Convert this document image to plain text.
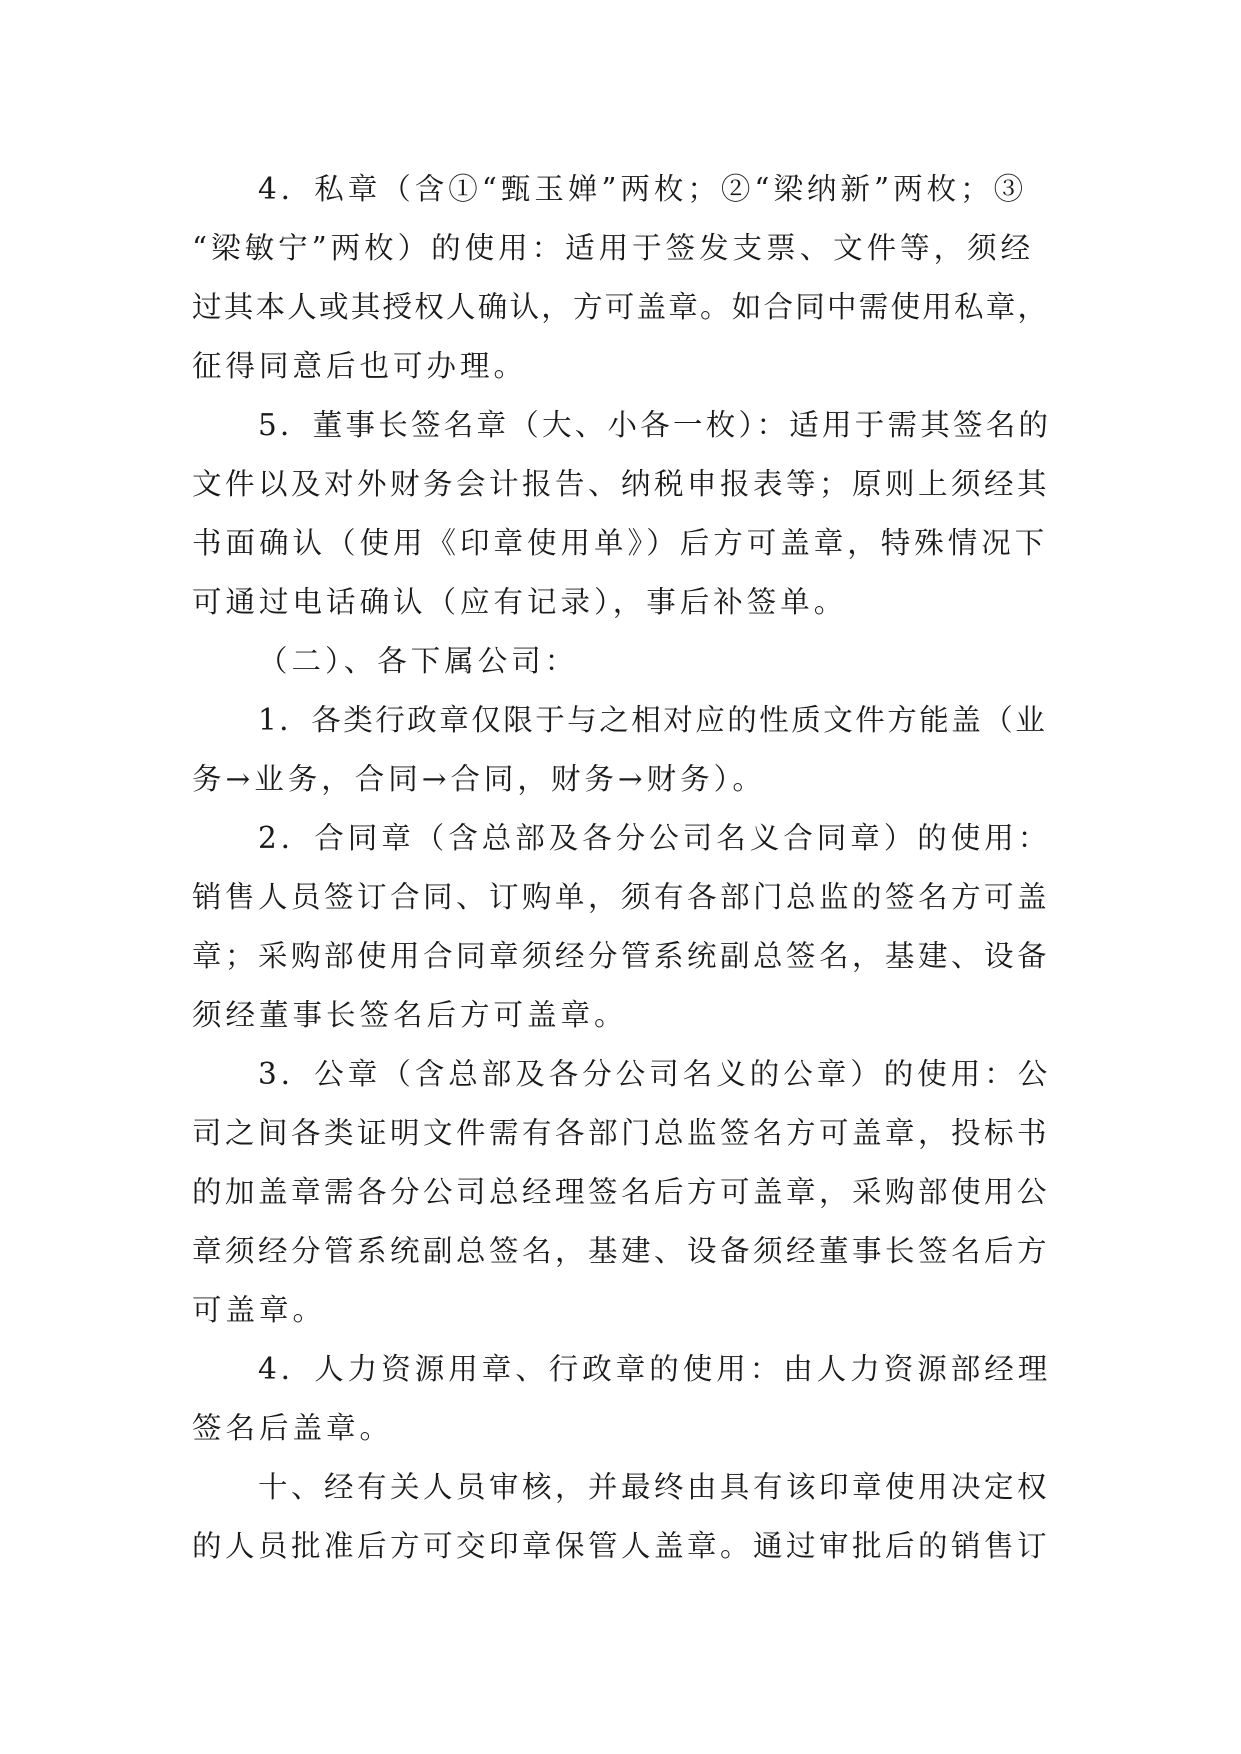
4．私章（含①“甄玉婵”两枚；②“梁纳新”两枚；③
“梁敏宁”两枚）的使用：适用于签发支票、文件等，须经
过其本人或其授权人确认，方可盖章。如合同中需使用私章，
征得同意后也可办理。

5．董事长签名章（大、小各一枚）：适用于需其签名的
文件以及对外财务会计报告、纳税申报表等；原则上须经其
书面确认（使用《印章使用单》）后方可盖章，特殊情况下
可通过电话确认（应有记录），事后补签单。

（二）、各下属公司：

1．各类行政章仅限于与之相对应的性质文件方能盖（业
务→业务，合同→合同，财务→财务）。

2．合同章（含总部及各分公司名义合同章）的使用：
销售人员签订合同、订购单，须有各部门总监的签名方可盖
章；采购部使用合同章须经分管系统副总签名，基建、设备
须经董事长签名后方可盖章。

3．公章（含总部及各分公司名义的公章）的使用：公
司之间各类证明文件需有各部门总监签名方可盖章，投标书
的加盖章需各分公司总经理签名后方可盖章，采购部使用公
章须经分管系统副总签名，基建、设备须经董事长签名后方
可盖章。

4．人力资源用章、行政章的使用：由人力资源部经理
签名后盖章。

十、经有关人员审核，并最终由具有该印章使用决定权
的人员批准后方可交印章保管人盖章。通过审批后的销售订
